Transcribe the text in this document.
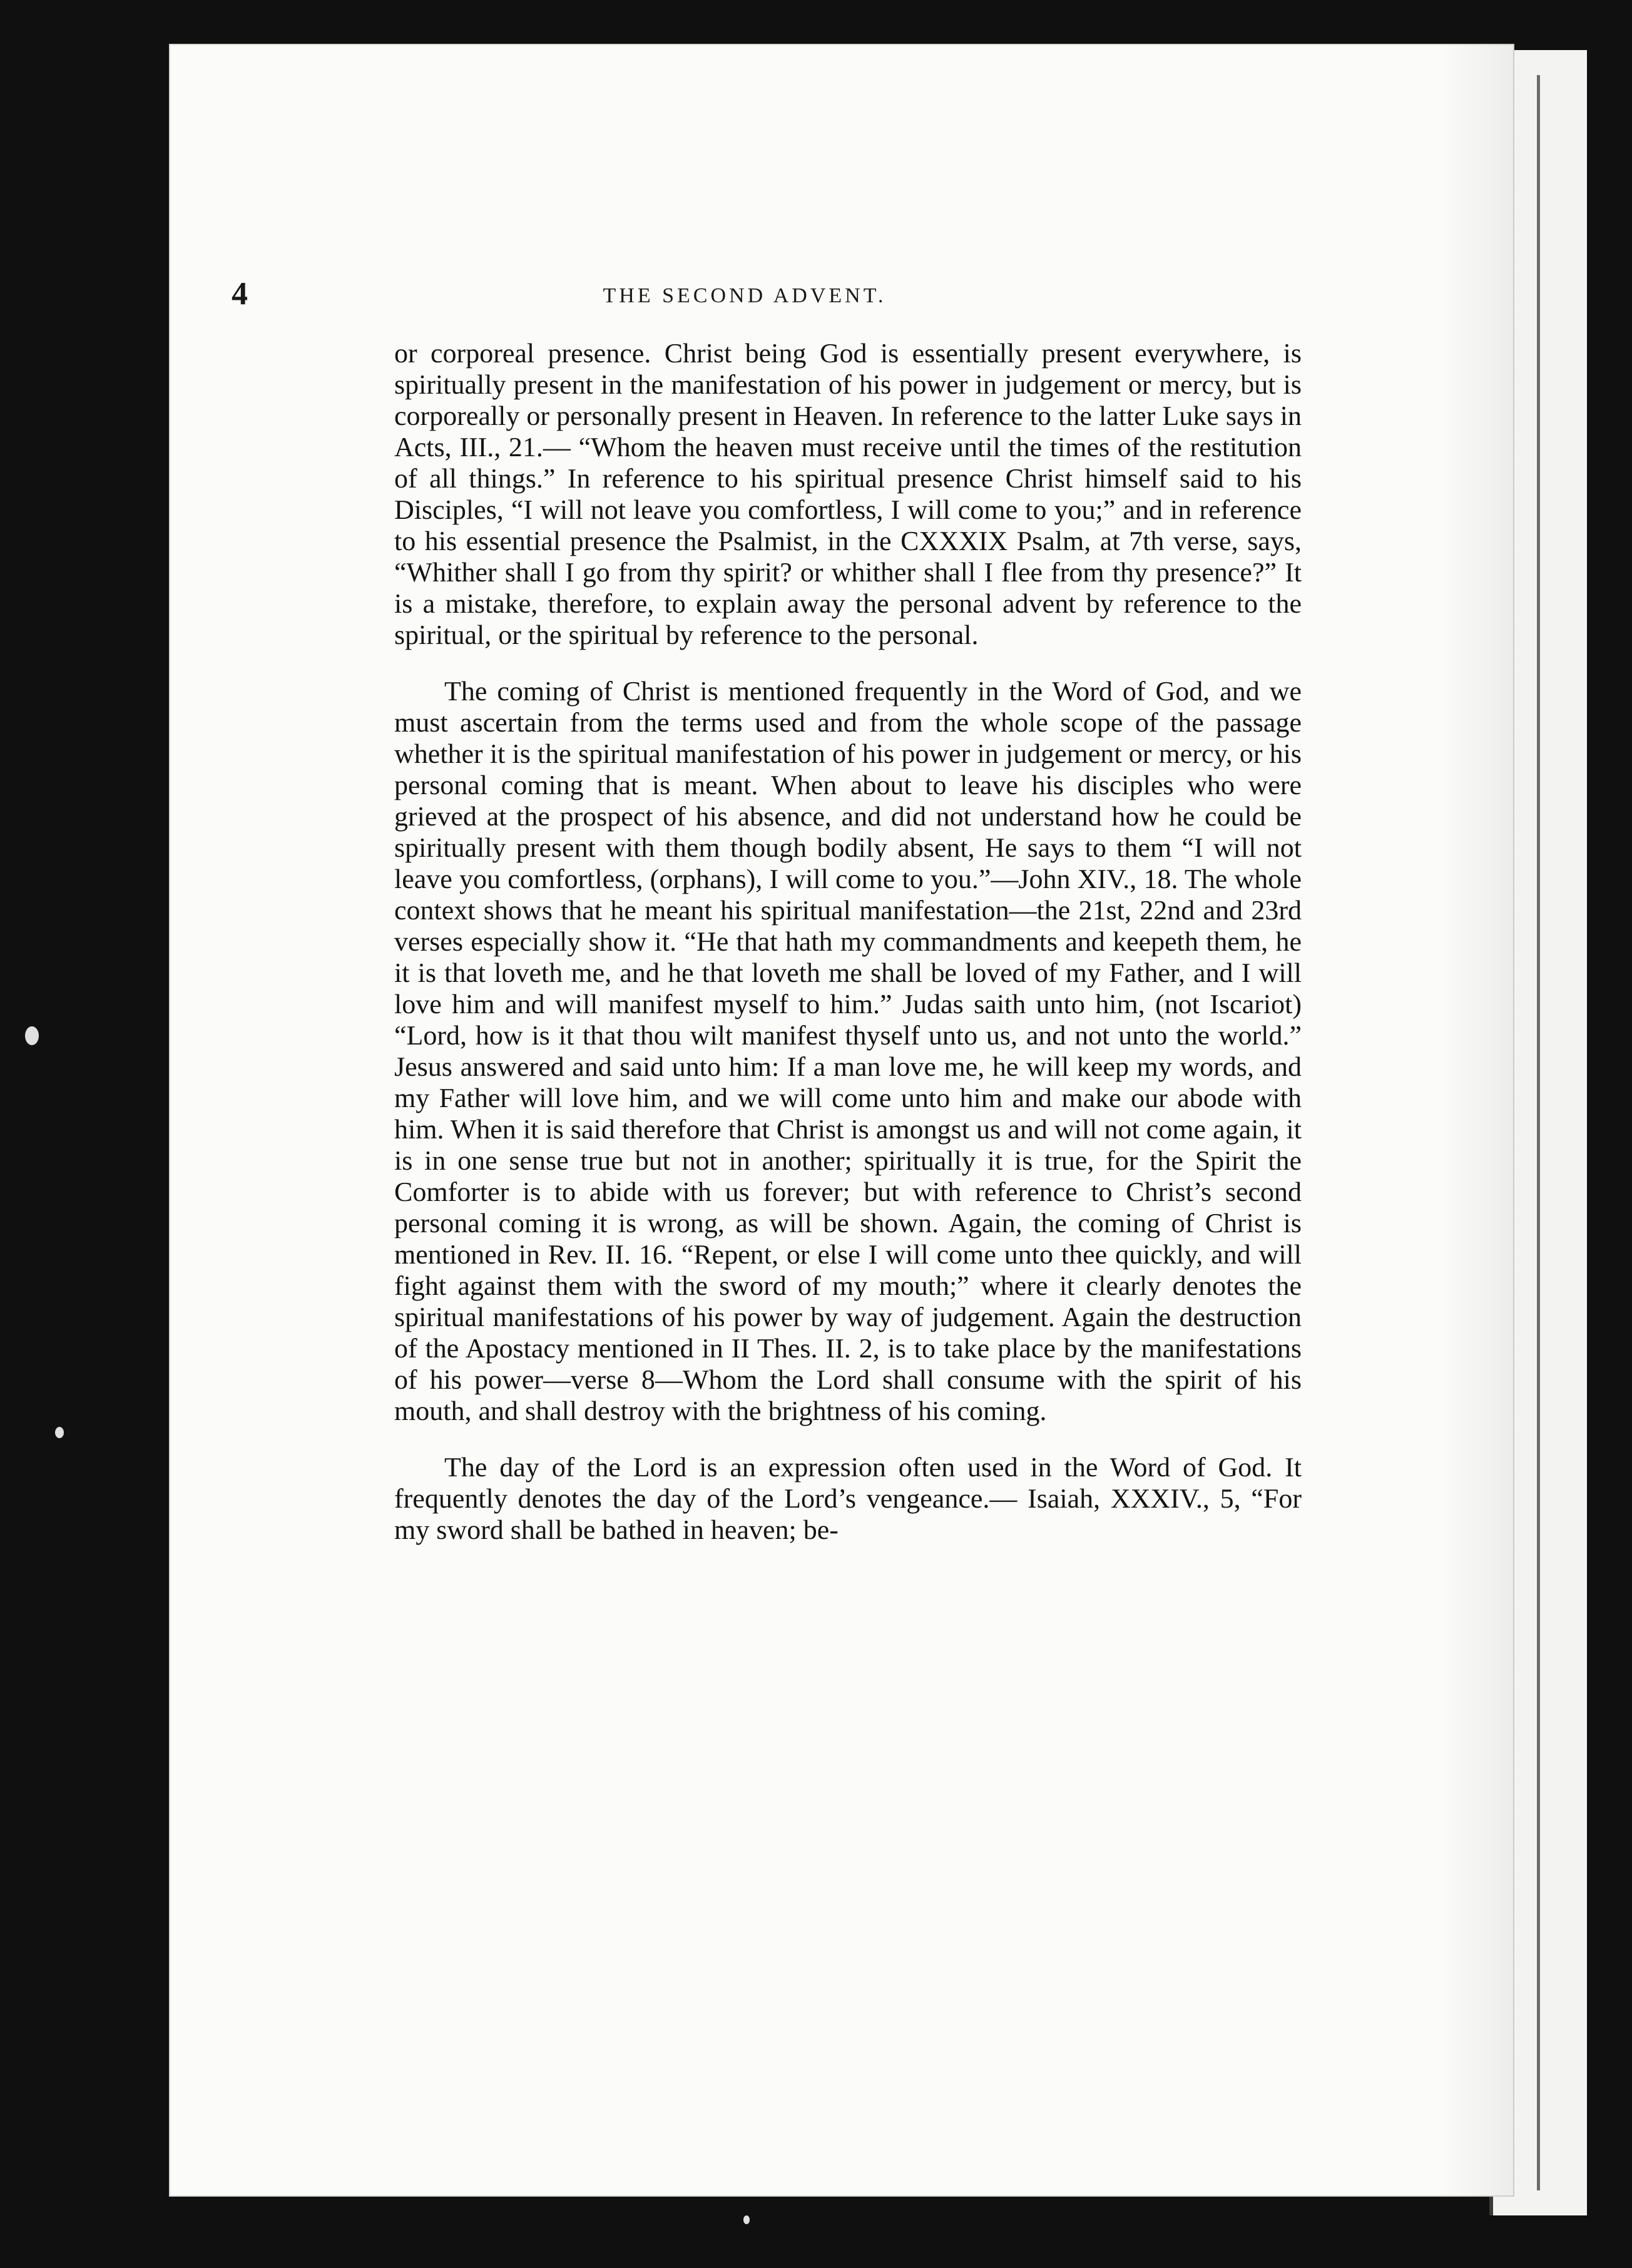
4	THE SECOND ADVENT.

or corporeal presence. Christ being God is essentially present everywhere, is spiritually present in the manifestation of his power in judgement or mercy, but is corporeally or personally present in Heaven. In reference to the latter Luke says in Acts, III., 21.— “Whom the heaven must receive until the times of the restitution of all things.” In reference to his spiritual presence Christ himself said to his Disciples, “I will not leave you comfortless, I will come to you;” and in reference to his essential presence the Psalmist, in the CXXXIX Psalm, at 7th verse, says, “Whither shall I go from thy spirit? or whither shall I flee from thy presence?” It is a mistake, therefore, to explain away the personal advent by reference to the spiritual, or the spiritual by reference to the personal.

The coming of Christ is mentioned frequently in the Word of God, and we must ascertain from the terms used and from the whole scope of the passage whether it is the spiritual manifestation of his power in judgement or mercy, or his personal coming that is meant. When about to leave his disciples who were grieved at the prospect of his absence, and did not understand how he could be spiritually present with them though bodily absent, He says to them “I will not leave you comfortless, (orphans), I will come to you.”—John XIV., 18. The whole context shows that he meant his spiritual manifestation—the 21st, 22nd and 23rd verses especially show it. “He that hath my commandments and keepeth them, he it is that loveth me, and he that loveth me shall be loved of my Father, and I will love him and will manifest myself to him.” Judas saith unto him, (not Iscariot) “Lord, how is it that thou wilt manifest thyself unto us, and not unto the world.” Jesus answered and said unto him: If a man love me, he will keep my words, and my Father will love him, and we will come unto him and make our abode with him. When it is said therefore that Christ is amongst us and will not come again, it is in one sense true but not in another; spiritually it is true, for the Spirit the Comforter is to abide with us forever; but with reference to Christ’s second personal coming it is wrong, as will be shown. Again, the coming of Christ is mentioned in Rev. II. 16. “Repent, or else I will come unto thee quickly, and will fight against them with the sword of my mouth;” where it clearly denotes the spiritual manifestations of his power by way of judgement. Again the destruction of the Apostacy mentioned in II Thes. II. 2, is to take place by the manifestations of his power—verse 8—Whom the Lord shall consume with the spirit of his mouth, and shall destroy with the brightness of his coming.

The day of the Lord is an expression often used in the Word of God. It frequently denotes the day of the Lord’s vengeance.— Isaiah, XXXIV., 5, “For my sword shall be bathed in heaven; be-
